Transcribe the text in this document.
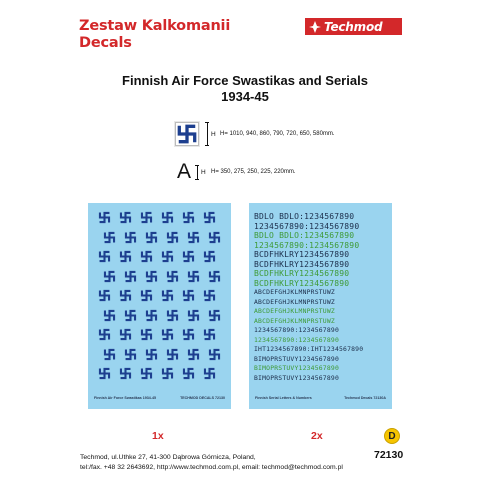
Zestaw Kalkomanii
Decals
Techmod
Finnish Air Force Swastikas and Serials
1934-45
H H= 1010, 940, 860, 790, 720, 650, 580mm.
A H H= 350, 275, 250, 225, 220mm.
Finnish Air Force Swastikas 1934-45	TECHMOD DECALS 72130
BDLO BDLO:1234567890
1234567890:1234567890
BDLO BDLO:1234567890
1234567890:1234567890
BCDFHKLRY1234567890
BCDFHKLRY1234567890
BCDFHKLRY1234567890
BCDFHKLRY1234567890
ABCDEFGHJKLMNPRSTUWZ
ABCDEFGHJKLMNPRSTUWZ
ABCDEFGHJKLMNPRSTUWZ
ABCDEFGHJKLMNPRSTUWZ
1234567890:1234567890
1234567890:1234567890
IHT1234567890:IHT1234567890
BIMOPRSTUVY1234567890
BIMOPRSTUVY1234567890
BIMOPRSTUVY1234567890
Finnish Serial Letters & Numbers	Techmod Decals 72130A
1x	2x	D
72130
Techmod, ul.Uthke 27, 41-300 Dąbrowa Górnicza, Poland,
tel:/fax. +48 32 2643692, http://www.techmod.com.pl, email: techmod@techmod.com.pl
